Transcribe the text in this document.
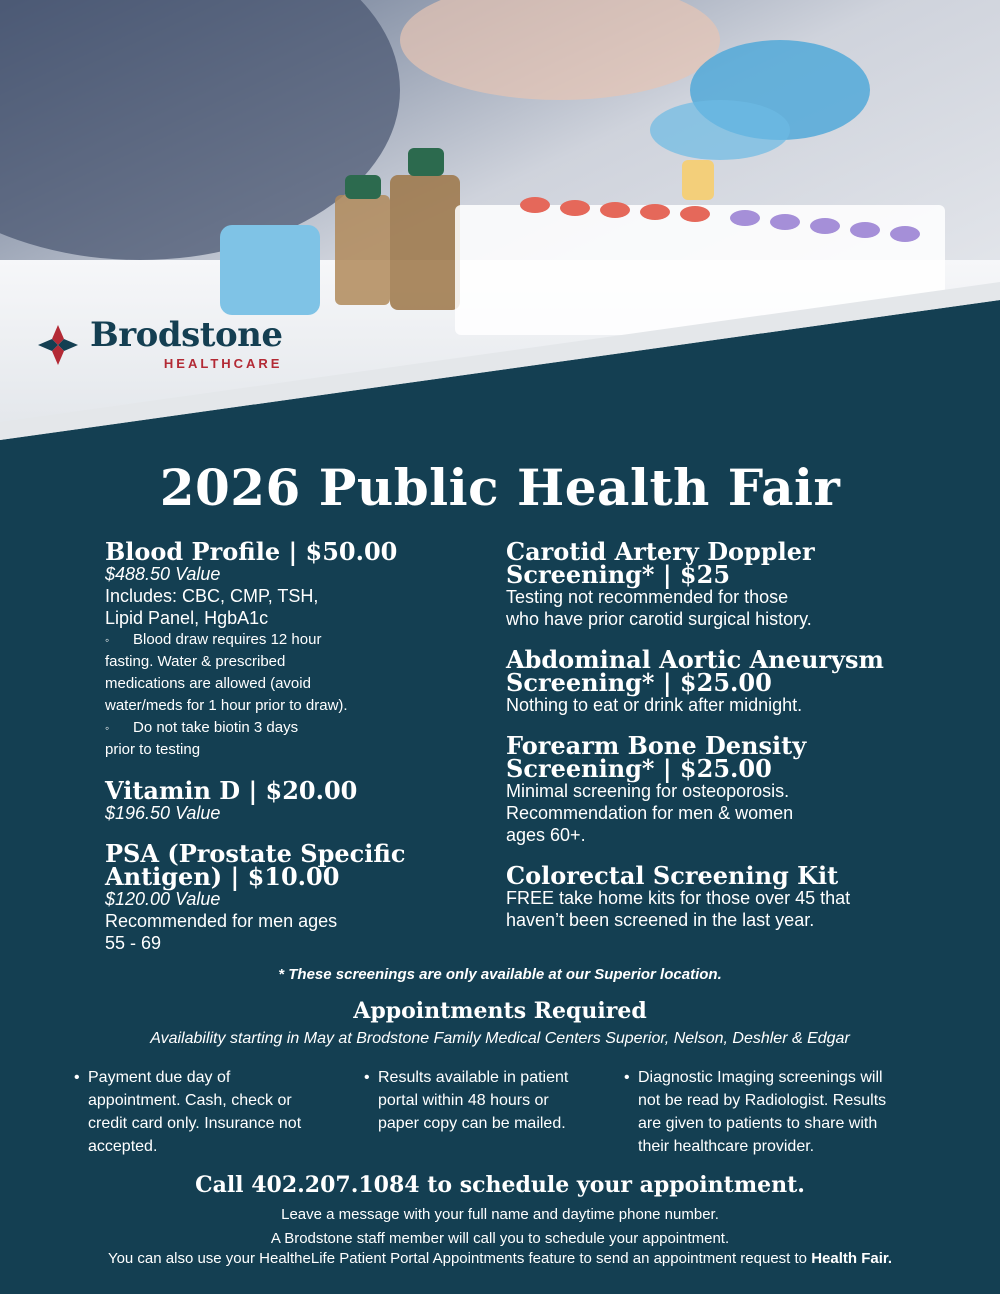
Brodstone
HEALTHCARE
2026 Public Health Fair
Blood Profile | $50.00
$488.50 Value
Includes: CBC, CMP, TSH,
Lipid Panel, HgbA1c
◦	Blood draw requires 12 hour
fasting. Water & prescribed
medications are allowed (avoid
water/meds for 1 hour prior to draw).
◦	Do not take biotin 3 days
prior to testing
Vitamin D | $20.00
$196.50 Value
PSA (Prostate Specific
Antigen) | $10.00
$120.00 Value
Recommended for men ages
55 - 69
Carotid Artery Doppler
Screening* | $25
Testing not recommended for those
who have prior carotid surgical history.
Abdominal Aortic Aneurysm
Screening* | $25.00
Nothing to eat or drink after midnight.
Forearm Bone Density
Screening* | $25.00
Minimal screening for osteoporosis.
Recommendation for men & women
ages 60+.
Colorectal Screening Kit
FREE take home kits for those over 45 that
haven’t been screened in the last year.
* These screenings are only available at our Superior location.
Appointments Required
Availability starting in May at Brodstone Family Medical Centers Superior, Nelson, Deshler & Edgar
• Payment due day of
appointment. Cash, check or
credit card only. Insurance not
accepted.
• Results available in patient
portal within 48 hours or
paper copy can be mailed.
• Diagnostic Imaging screenings will
not be read by Radiologist. Results
are given to patients to share with
their healthcare provider.
Call 402.207.1084 to schedule your appointment.
Leave a message with your full name and daytime phone number.
A Brodstone staff member will call you to schedule your appointment.
You can also use your HealtheLife Patient Portal Appointments feature to send an appointment request to Health Fair.
